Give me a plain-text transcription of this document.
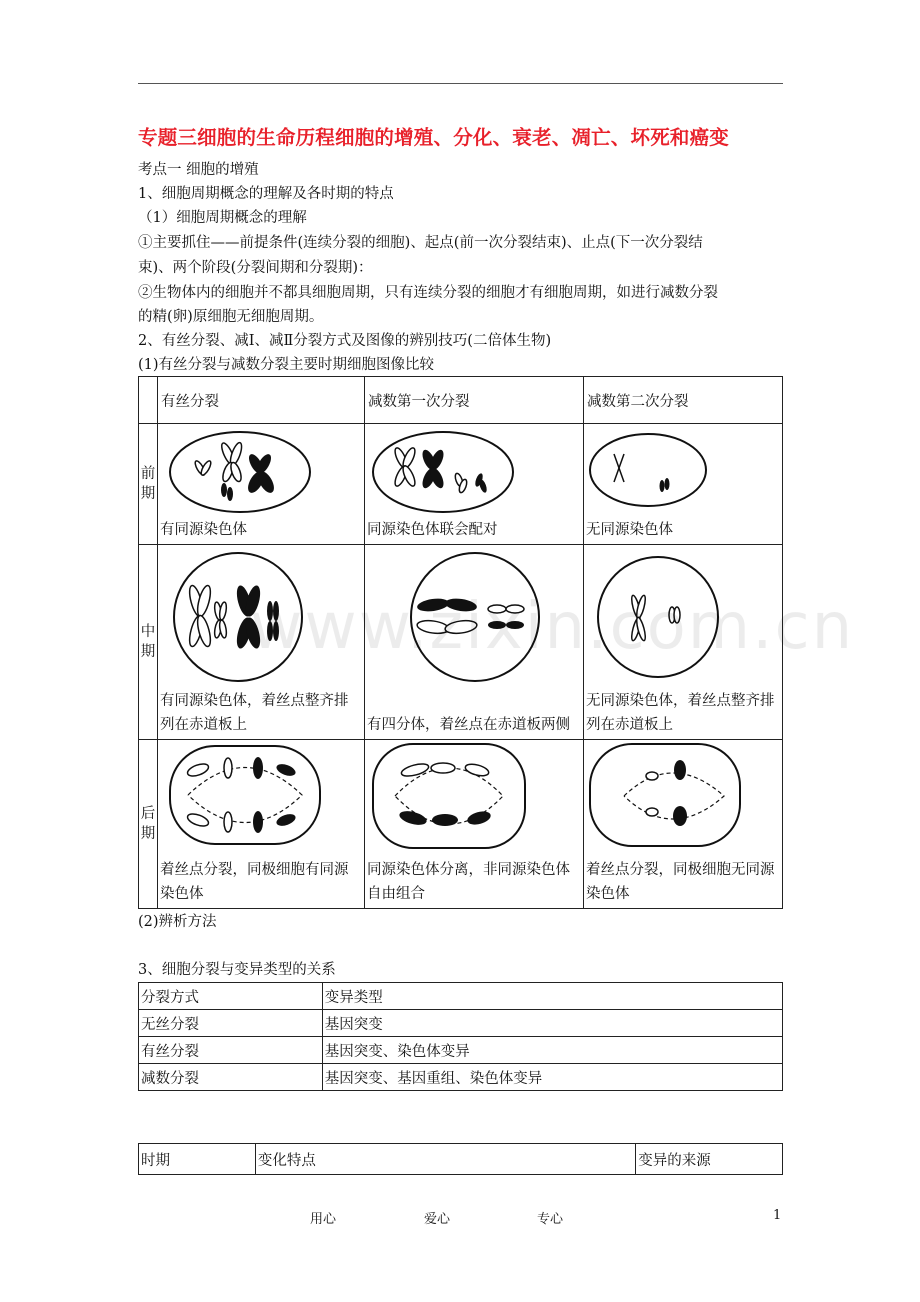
专题三细胞的生命历程细胞的增殖、分化、衰老、凋亡、坏死和癌变
考点一 细胞的增殖
1、细胞周期概念的理解及各时期的特点
（1）细胞周期概念的理解
①主要抓住——前提条件(连续分裂的细胞)、起点(前一次分裂结束)、止点(下一次分裂结
束)、两个阶段(分裂间期和分裂期)：
②生物体内的细胞并不都具细胞周期，只有连续分裂的细胞才有细胞周期，如进行减数分裂
的精(卵)原细胞无细胞周期。
2、有丝分裂、减Ⅰ、减Ⅱ分裂方式及图像的辨别技巧(二倍体生物)
(1)有丝分裂与减数分裂主要时期细胞图像比较
	有丝分裂	减数第一次分裂	减数第二次分裂

前
期	有同源染色体	同源染色体联会配对	无同源染色体

中
期	有同源染色体，着丝点整齐排列在赤道板上	有四分体，着丝点在赤道板两侧	无同源染色体，着丝点整齐排列在赤道板上

后
期	着丝点分裂，同极细胞有同源染色体	同源染色体分离，非同源染色体自由组合	着丝点分裂，同极细胞无同源染色体
www.zixin.com.cn
(2)辨析方法
3、细胞分裂与变异类型的关系
分裂方式	变异类型
无丝分裂	基因突变
有丝分裂	基因突变、染色体变异
减数分裂	基因突变、基因重组、染色体变异
时期	变化特点	变异的来源
用心	爱心	专心	1
